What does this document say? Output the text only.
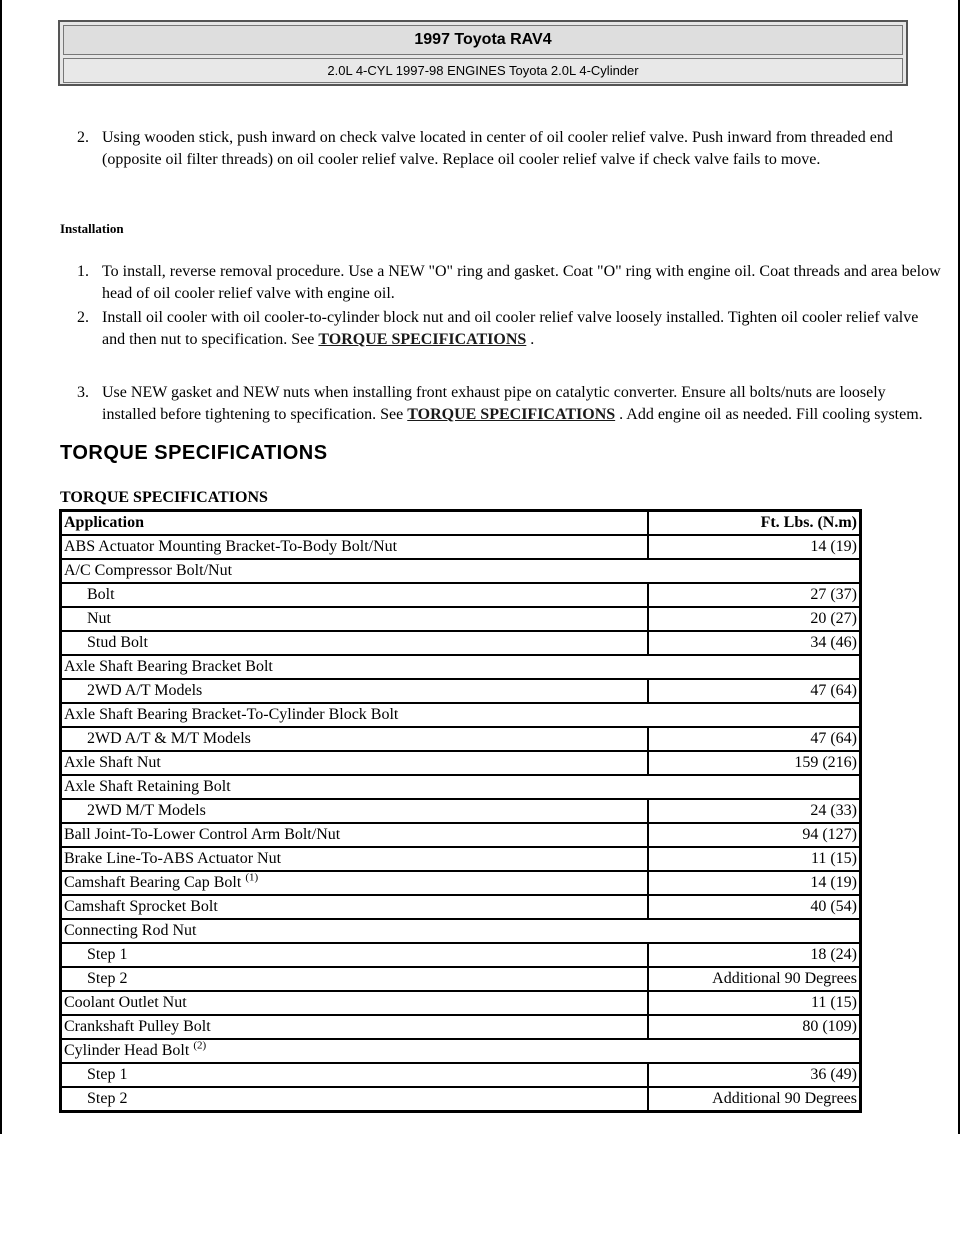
1997 Toyota RAV4
2.0L 4-CYL 1997-98 ENGINES Toyota 2.0L 4-Cylinder
2. Using wooden stick, push inward on check valve located in center of oil cooler relief valve. Push inward from threaded end (opposite oil filter threads) on oil cooler relief valve. Replace oil cooler relief valve if check valve fails to move.
Installation
1. To install, reverse removal procedure. Use a NEW "O" ring and gasket. Coat "O" ring with engine oil. Coat threads and area below head of oil cooler relief valve with engine oil.
2. Install oil cooler with oil cooler-to-cylinder block nut and oil cooler relief valve loosely installed. Tighten oil cooler relief valve and then nut to specification. See TORQUE SPECIFICATIONS .
3. Use NEW gasket and NEW nuts when installing front exhaust pipe on catalytic converter. Ensure all bolts/nuts are loosely installed before tightening to specification. See TORQUE SPECIFICATIONS . Add engine oil as needed. Fill cooling system.
TORQUE SPECIFICATIONS
TORQUE SPECIFICATIONS
Application	Ft. Lbs. (N.m)
ABS Actuator Mounting Bracket-To-Body Bolt/Nut	14 (19)
A/C Compressor Bolt/Nut	
Bolt	27 (37)
Nut	20 (27)
Stud Bolt	34 (46)
Axle Shaft Bearing Bracket Bolt	
2WD A/T Models	47 (64)
Axle Shaft Bearing Bracket-To-Cylinder Block Bolt	
2WD A/T & M/T Models	47 (64)
Axle Shaft Nut	159 (216)
Axle Shaft Retaining Bolt	
2WD M/T Models	24 (33)
Ball Joint-To-Lower Control Arm Bolt/Nut	94 (127)
Brake Line-To-ABS Actuator Nut	11 (15)
Camshaft Bearing Cap Bolt $^{(1)}$	14 (19)
Camshaft Sprocket Bolt	40 (54)
Connecting Rod Nut	
Step 1	18 (24)
Step 2	Additional 90 Degrees
Coolant Outlet Nut	11 (15)
Crankshaft Pulley Bolt	80 (109)
Cylinder Head Bolt $^{(2)}$
Step 1	36 (49)
Step 2	Additional 90 Degrees
